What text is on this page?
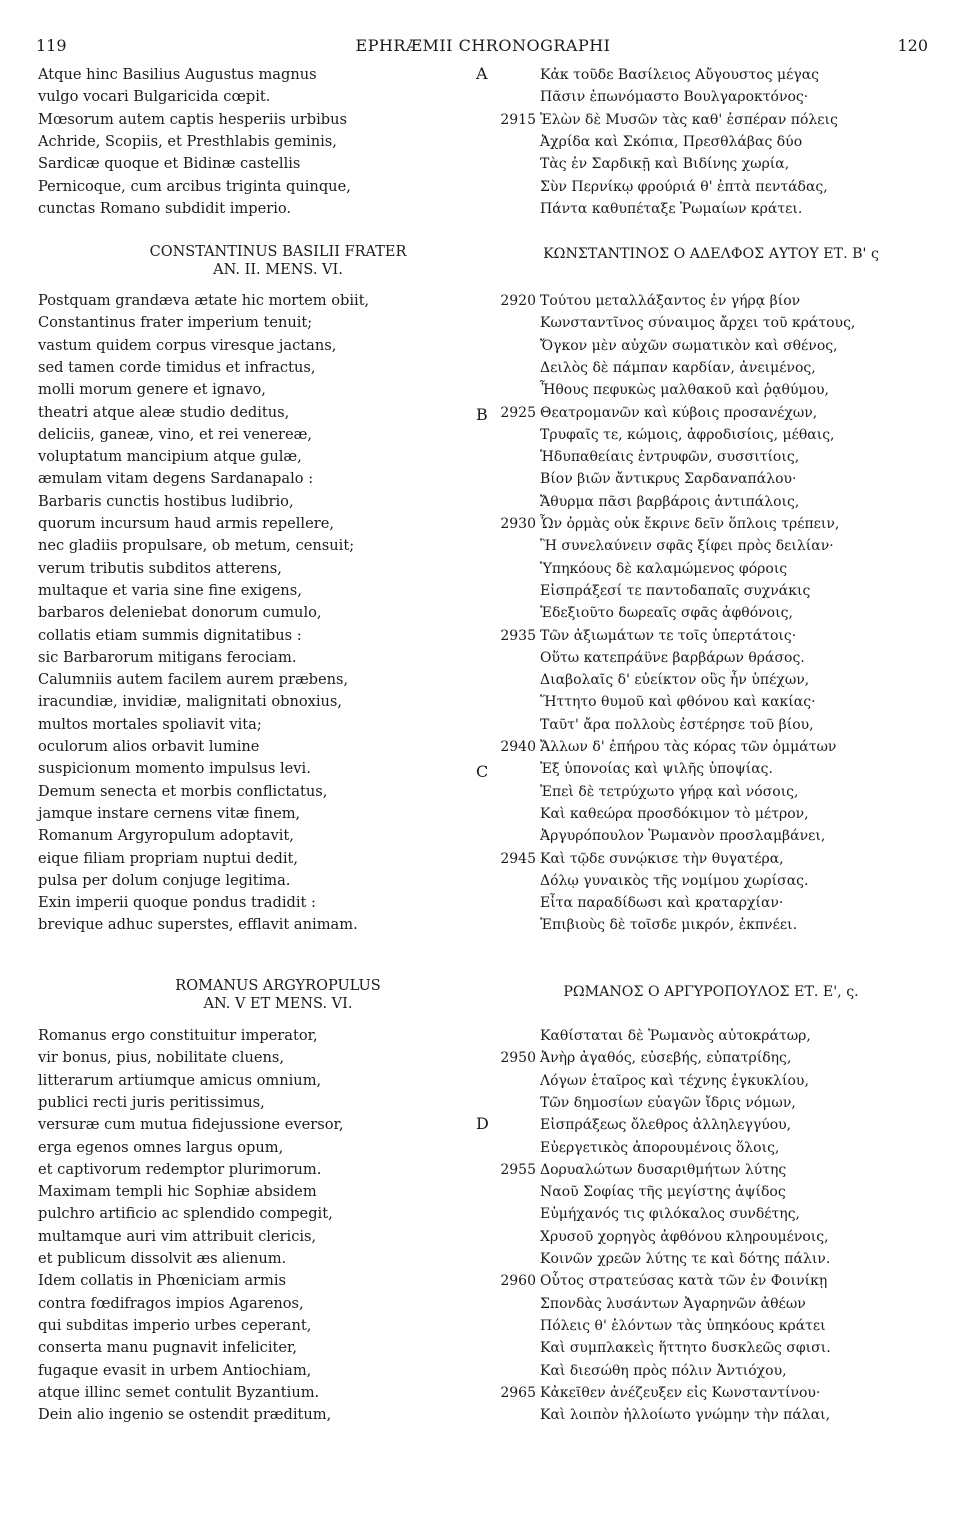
119	EPHRÆMII CHRONOGRAPHI	120
Atque hinc Basilius Augustus magnus
vulgo vocari Bulgaricida cœpit.
Mœsorum autem captis hesperiis urbibus
Achride, Scopiis, et Presthlabis geminis,
Sardicæ quoque et Bidinæ castellis
Pernicoque, cum arcibus triginta quinque,
cunctas Romano subdidit imperio.
CONSTANTINUS BASILII FRATER
AN. II. MENS. VI.
Postquam grandæva ætate hic mortem obiit,
Constantinus frater imperium tenuit;
vastum quidem corpus viresque jactans,
sed tamen corde timidus et infractus,
molli morum genere et ignavo,
theatri atque aleæ studio deditus,
deliciis, ganeæ, vino, et rei venereæ,
voluptatum mancipium atque gulæ,
æmulam vitam degens Sardanapalo :
Barbaris cunctis hostibus ludibrio,
quorum incursum haud armis repellere,
nec gladiis propulsare, ob metum, censuit;
verum tributis subditos atterens,
multaque et varia sine fine exigens,
barbaros deleniebat donorum cumulo,
collatis etiam summis dignitatibus :
sic Barbarorum mitigans ferociam.
Calumniis autem facilem aurem præbens,
iracundiæ, invidiæ, malignitati obnoxius,
multos mortales spoliavit vita;
oculorum alios orbavit lumine
suspicionum momento impulsus levi.
Demum senecta et morbis conflictatus,
jamque instare cernens vitæ finem,
Romanum Argyropulum adoptavit,
eique filiam propriam nuptui dedit,
pulsa per dolum conjuge legitima.
Exin imperii quoque pondus tradidit :
brevique adhuc superstes, efflavit animam.
ROMANUS ARGYROPULUS
AN. V ET MENS. VI.
Romanus ergo constituitur imperator,
vir bonus, pius, nobilitate cluens,
litterarum artiumque amicus omnium,
publici recti juris peritissimus,
versuræ cum mutua fidejussione eversor,
erga egenos omnes largus opum,
et captivorum redemptor plurimorum.
Maximam templi hic Sophiæ absidem
pulchro artificio ac splendido compegit,
multamque auri vim attribuit clericis,
et publicum dissolvit æs alienum.
Idem collatis in Phœniciam armis
contra fœdifragos impios Agarenos,
qui subditas imperio urbes ceperant,
conserta manu pugnavit infeliciter,
fugaque evasit in urbem Antiochiam,
atque illinc semet contulit Byzantium.
Dein alio ingenio se ostendit præditum,
Κἀκ τοῦδε Βασίλειος Αὔγουστος μέγας
Πᾶσιν ἐπωνόμαστο Βουλγαροκτόνος·
2915 Ἑλὼν δὲ Μυσῶν τὰς καθ' ἑσπέραν πόλεις
Ἀχρίδα καὶ Σκόπια, Πρεσθλάβας δύο
Τὰς ἐν Σαρδικῇ καὶ Βιδίνης χωρία,
Σὺν Περνίκῳ φρούριά θ' ἑπτὰ πεντάδας,
Πάντα καθυπέταξε Ῥωμαίων κράτει.
ΚΩΝΣΤΑΝΤΙΝΟΣ Ο ΑΔΕΛΦΟΣ ΑΥΤΟΥ ΕΤ. Β' ς
2920 Τούτου μεταλλάξαντος ἐν γήρᾳ βίον
Κωνσταντῖνος σύναιμος ἄρχει τοῦ κράτους,
Ὄγκον μὲν αὐχῶν σωματικὸν καὶ σθένος,
Δειλὸς δὲ πάμπαν καρδίαν, ἀνειμένος,
Ἦθους πεφυκὼς μαλθακοῦ καὶ ῥᾳθύμου,
2925 Θεατρομανῶν καὶ κύβοις προσανέχων,
Τρυφαῖς τε, κώμοις, ἀφροδισίοις, μέθαις,
Ἡδυπαθείαις ἐντρυφῶν, συσσιτίοις,
Βίον βιῶν ἄντικρυς Σαρδαναπάλου·
Ἄθυρμα πᾶσι βαρβάροις ἀντιπάλοις,
2930 Ὧν ὁρμὰς οὐκ ἔκρινε δεῖν ὅπλοις τρέπειν,
Ἢ συνελαύνειν σφᾶς ξίφει πρὸς δειλίαν·
Ὑπηκόους δὲ καλαμώμενος φόροις
Εἰσπράξεσί τε παντοδαπαῖς συχνάκις
Ἐδεξιοῦτο δωρεαῖς σφᾶς ἀφθόνοις,
2935 Τῶν ἀξιωμάτων τε τοῖς ὑπερτάτοις·
Οὕτω κατεπράϋνε βαρβάρων θράσος.
Διαβολαῖς δ' εὐείκτον οὓς ἦν ὑπέχων,
Ἥττητο θυμοῦ καὶ φθόνου καὶ κακίας·
Ταῦτ' ἄρα πολλοὺς ἐστέρησε τοῦ βίου,
2940 Ἄλλων δ' ἐπήρου τὰς κόρας τῶν ὀμμάτων
Ἐξ ὑπονοίας καὶ ψιλῆς ὑποψίας.
Ἐπεὶ δὲ τετρύχωτο γήρᾳ καὶ νόσοις,
Καὶ καθεώρα προσδόκιμον τὸ μέτρον,
Ἀργυρόπουλον Ῥωμανὸν προσλαμβάνει,
2945 Καὶ τῷδε συνῴκισε τὴν θυγατέρα,
Δόλῳ γυναικὸς τῆς νομίμου χωρίσας.
Εἶτα παραδίδωσι καὶ κραταρχίαν·
Ἐπιβιοὺς δὲ τοῖσδε μικρόν, ἐκπνέει.
ΡΩΜΑΝΟΣ Ο ΑΡΓΥΡΟΠΟΥΛΟΣ ΕΤ. Ε', ς.
Καθίσταται δὲ Ῥωμανὸς αὐτοκράτωρ,
2950 Ἀνὴρ ἀγαθός, εὐσεβής, εὐπατρίδης,
Λόγων ἑταῖρος καὶ τέχνης ἐγκυκλίου,
Τῶν δημοσίων εὐαγῶν ἴδρις νόμων,
Εἰσπράξεως ὄλεθρος ἀλληλεγγύου,
Εὐεργετικὸς ἀπορουμένοις ὅλοις,
2955 Δορυαλώτων δυσαριθμήτων λύτης
Ναοῦ Σοφίας τῆς μεγίστης ἁψίδος
Εὐμήχανός τις φιλόκαλος συνδέτης,
Χρυσοῦ χορηγὸς ἀφθόνου κληρουμένοις,
Κοινῶν χρεῶν λύτης τε καὶ δότης πάλιν.
2960 Οὗτος στρατεύσας κατὰ τῶν ἐν Φοινίκῃ
Σπονδὰς λυσάντων Ἀγαρηνῶν ἀθέων
Πόλεις θ' ἑλόντων τὰς ὑπηκόους κράτει
Καὶ συμπλακεὶς ἥττητο δυσκλεῶς σφισι.
Καὶ διεσώθη πρὸς πόλιν Ἀντιόχου,
2965 Κἀκεῖθεν ἀνέζευξεν εἰς Κωνσταντίνου·
Καὶ λοιπὸν ἠλλοίωτο γνώμην τὴν πάλαι,
A
B
C
D
